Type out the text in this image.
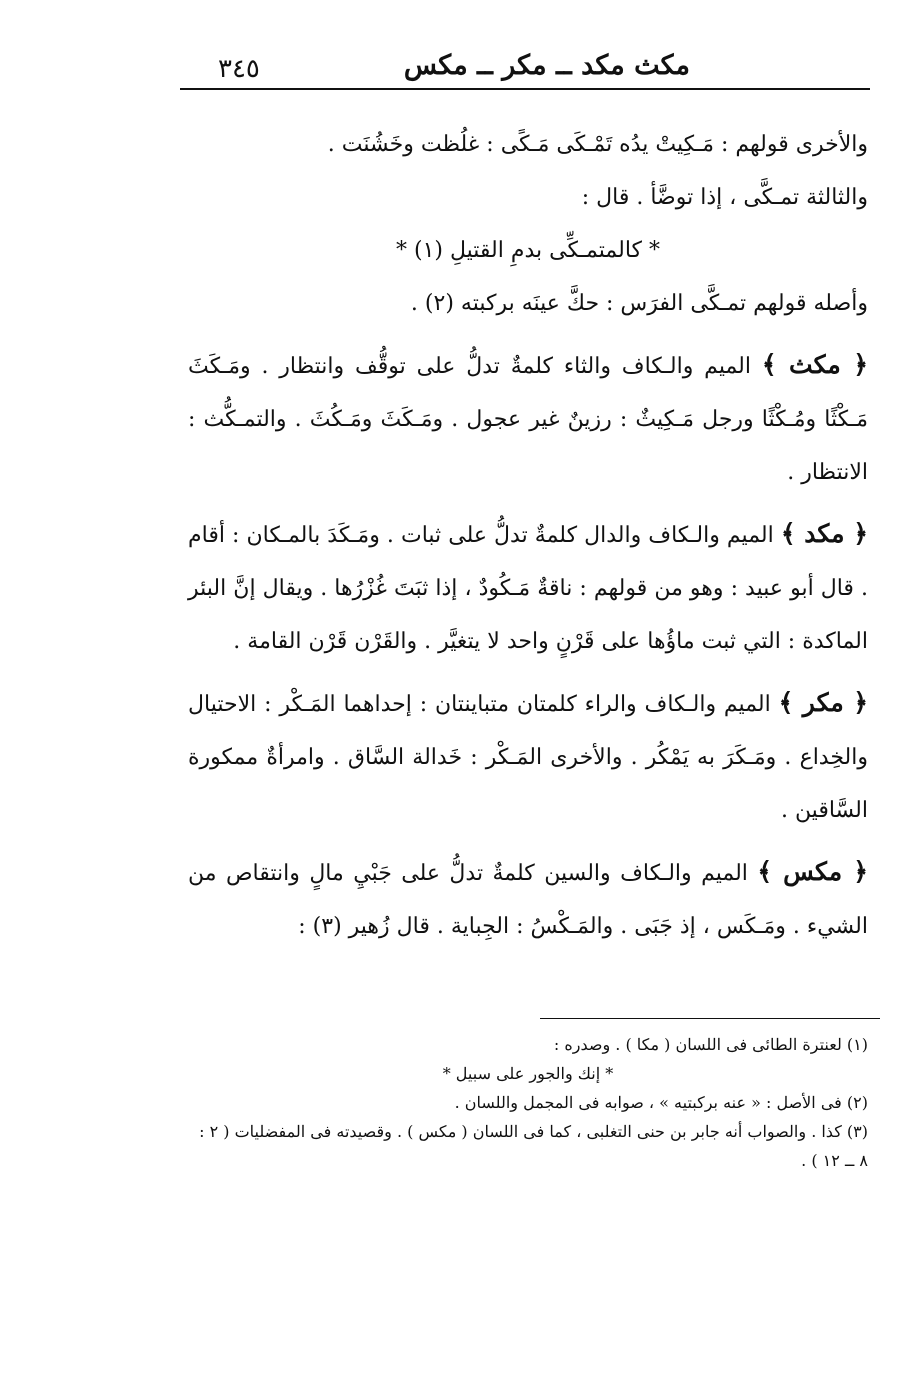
٣٤٥	مكث مكد ــ مكر ــ مكس

والأخرى قولهم : مَـكِيتْ يدُه تَمْـكَى مَـكًى : غلُظت وخَشُنَت .

والثالثة تمـكَّى ، إذا توضَّأ . قال :

* كالمتمـكِّى بدمِ القتيلِ (١) *

وأصله قولهم تمـكَّى الفرَس : حكَّ عينَه بركبته (٢) .

﴿ مكث ﴾ الميم والـكاف والثاء كلمةٌ تدلُّ على توقُّف وانتظار . ومَـكَثَ مَـكْثًا ومُـكْثًا ورجل مَـكِيثٌ : رزينٌ غير عجول . ومَـكَثَ ومَـكُثَ . والتمـكُّث : الانتظار .

﴿ مكد ﴾ الميم والـكاف والدال كلمةٌ تدلُّ على ثبات . ومَـكَدَ بالمـكان : أقام . قال أبو عبيد : وهو من قولهم : ناقةٌ مَـكُودٌ ، إذا ثبَتَ غُزْرُها . ويقال إنَّ البئر الماكدة : التي ثبت ماؤُها على قَرْنٍ واحد لا يتغيَّر . والقَرْن قَرْن القامة .

﴿ مكر ﴾ الميم والـكاف والراء كلمتان متباينتان : إحداهما المَـكْر : الاحتيال والخِداع . ومَـكَرَ به يَمْكُر . والأخرى المَـكْر : خَدالة السَّاق . وامرأةٌ ممكورة السَّاقين .

﴿ مكس ﴾ الميم والـكاف والسين كلمةٌ تدلُّ على جَبْيِ مالٍ وانتقاص من الشيء . ومَـكَس ، إذ جَبَى . والمَـكْسُ : الجِباية . قال زُهير (٣) :

(١) لعنترة الطائى فى اللسان ( مكا ) . وصدره :

* إنك والجور على سبيل *

(٢) فى الأصل : « عنه بركبتيه » ، صوابه فى المجمل واللسان .

(٣) كذا . والصواب أنه جابر بن حنى التغلبى ، كما فى اللسان ( مكس ) . وقصيدته فى المفضليات ( ٢ : ٨ ــ ١٢ ) .
